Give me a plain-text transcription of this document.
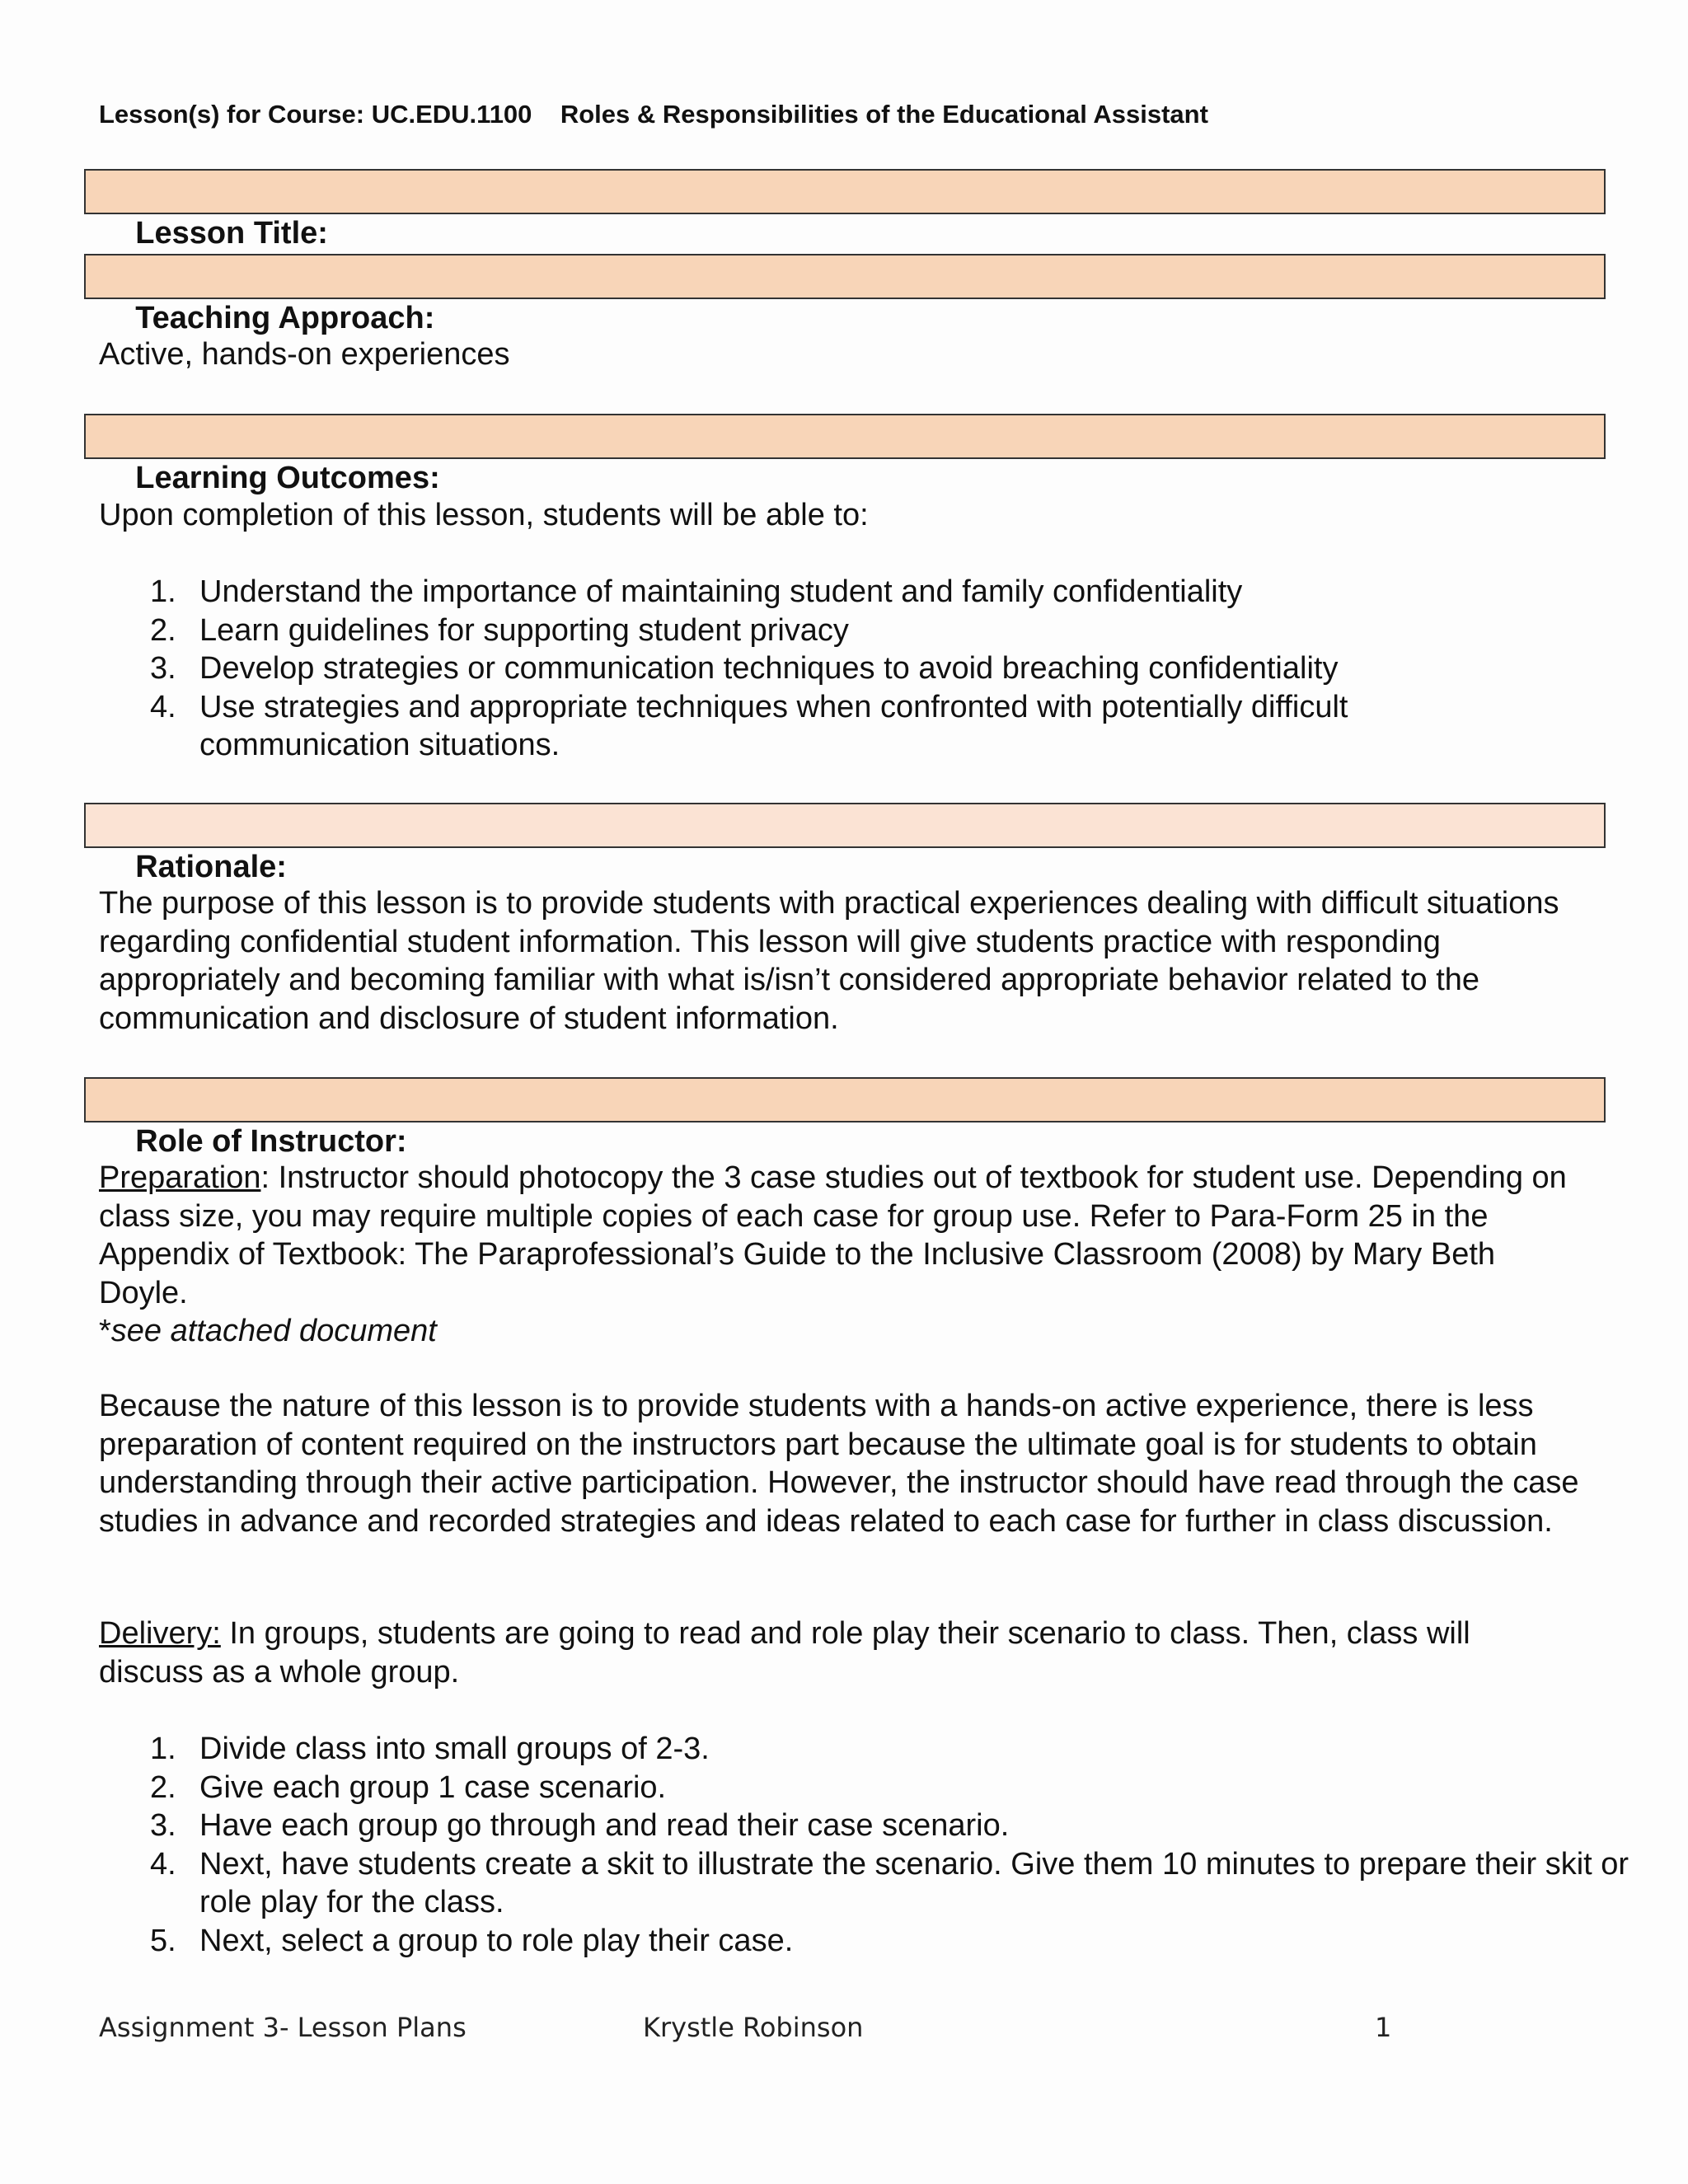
Lesson(s) for Course: UC.EDU.1100    Roles & Responsibilities of the Educational Assistant

Lesson Title:

Teaching Approach:

Active, hands-on experiences

Learning Outcomes:

Upon completion of this lesson, students will be able to:
1. Understand the importance of maintaining student and family confidentiality
2. Learn guidelines for supporting student privacy
3. Develop strategies or communication techniques to avoid breaching confidentiality
4. Use strategies and appropriate techniques when confronted with potentially difficult communication situations.

Rationale:

The purpose of this lesson is to provide students with practical experiences dealing with difficult situations regarding confidential student information. This lesson will give students practice with responding appropriately and becoming familiar with what is/isn’t considered appropriate behavior related to the communication and disclosure of student information.

Role of Instructor:

Preparation: Instructor should photocopy the 3 case studies out of textbook for student use. Depending on class size, you may require multiple copies of each case for group use. Refer to Para-Form 25 in the Appendix of Textbook: The Paraprofessional’s Guide to the Inclusive Classroom (2008) by Mary Beth Doyle.

*see attached document

Because the nature of this lesson is to provide students with a hands-on active experience, there is less preparation of content required on the instructors part because the ultimate goal is for students to obtain understanding through their active participation. However, the instructor should have read through the case studies in advance and recorded strategies and ideas related to each case for further in class discussion.

Delivery: In groups, students are going to read and role play their scenario to class. Then, class will discuss as a whole group.

1. Divide class into small groups of 2-3.
2. Give each group 1 case scenario.
3. Have each group go through and read their case scenario.
4. Next, have students create a skit to illustrate the scenario. Give them 10 minutes to prepare their skit or role play for the class.
5. Next, select a group to role play their case.
Assignment 3- Lesson Plans	Krystle Robinson	1
